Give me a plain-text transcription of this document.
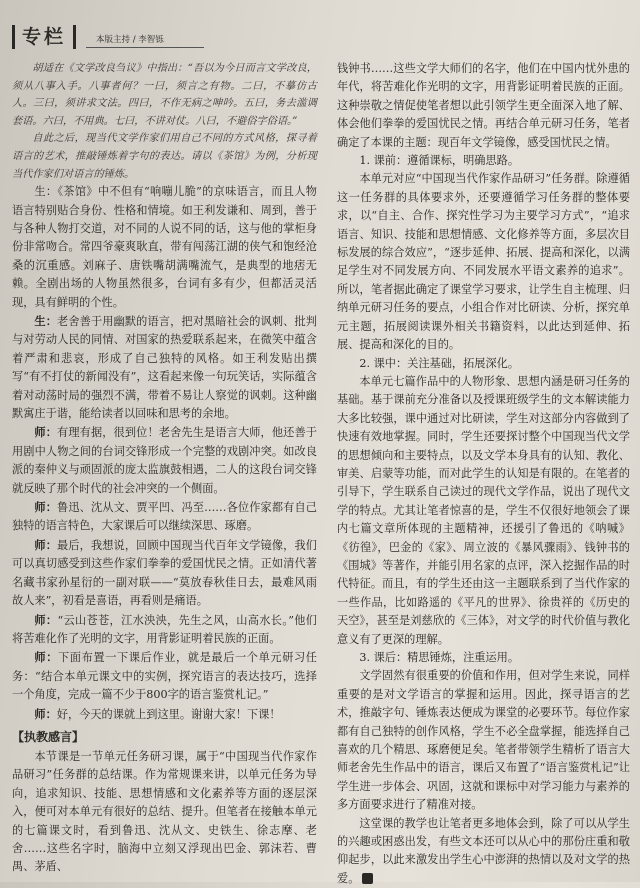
专栏	本版主持 / 李智铄

胡适在《文学改良刍议》中指出：“吾以为今日而言文学改良，须从八事入手。八事者何？一曰，须言之有物。二曰，不摹仿古人。三曰，须讲求文法。四曰，不作无病之呻吟。五曰，务去滥调套语。六曰，不用典。七曰，不讲对仗。八曰，不避俗字俗语。”

自此之后，现当代文学作家们用自己不同的方式风格，探寻着语言的艺术，推敲锤炼着字句的表达。请以《茶馆》为例，分析现当代作家们对语言的锤炼。

生：《茶馆》中不但有“响嘣儿脆”的京味语言，而且人物语言特别贴合身份、性格和情境。如王利发谦和、周到，善于与各种人物打交道，对不同的人说不同的话，这与他的掌柜身份非常吻合。常四爷豪爽耿直，带有闯荡江湖的侠气和饱经沧桑的沉重感。刘麻子、唐铁嘴胡满嘴流气，是典型的地痞无赖。全剧出场的人物虽然很多，台词有多有少，但都活灵活现，具有鲜明的个性。

生：老舍善于用幽默的语言，把对黑暗社会的讽刺、批判与对劳动人民的同情、对国家的热爱联系起来，在微笑中蕴含着严肃和悲哀，形成了自己独特的风格。如王利发贴出撰写“有不打仗的新闻没有”，这看起来像一句玩笑话，实际蕴含着对动荡时局的强烈不满，带着不易让人察觉的讽刺。这种幽默寓庄于谐，能给读者以回味和思考的余地。

师：有理有据，很到位！老舍先生是语言大师，他还善于用剧中人物之间的台词交锋形成一个完整的戏剧冲突。如改良派的秦仲义与顽固派的庞太监旗鼓相遇，二人的这段台词交锋就反映了那个时代的社会冲突的一个侧面。

师：鲁迅、沈从文、贾平凹、冯至……各位作家都有自己独特的语言特色，大家课后可以继续深思、琢磨。

师：最后，我想说，回顾中国现当代百年文学镜像，我们可以真切感受到这些作家们拳拳的爱国忧民之情。正如清代著名藏书家孙星衍的一副对联——“莫放春秋佳日去，最难风雨故人来”，初看是喜语，再看则是痛语。

师：“云山苍苍，江水泱泱，先生之风，山高水长。”他们将苦难化作了光明的文字，用背影证明着民族的正面。

师：下面布置一下课后作业，就是最后一个单元研习任务：“结合本单元课文中的实例，探究语言的表达技巧，选择一个角度，完成一篇不少于800字的语言鉴赏札记。”

师：好，今天的课就上到这里。谢谢大家！下课！

【执教感言】

本节课是一节单元任务研习课，属于“中国现当代作家作品研习”任务群的总结课。作为常规课来讲，以单元任务为导向，追求知识、技能、思想情感和文化素养等方面的逐层深入，便可对本单元有很好的总结、提升。但笔者在接触本单元的七篇课文时，看到鲁迅、沈从文、史铁生、徐志摩、老舍……这些名字时，脑海中立刻又浮现出巴金、郭沫若、曹禺、茅盾、

钱钟书……这些文学大师们的名字，他们在中国内忧外患的年代，将苦难化作光明的文字，用背影证明着民族的正面。这种崇敬之情促使笔者想以此引领学生更全面深入地了解、体会他们拳拳的爱国忧民之情。再结合单元研习任务，笔者确定了本课的主题：现百年文学镜像，感受国忧民之情。

1. 课前：遵循课标，明确思路。

本单元对应“中国现当代作家作品研习”任务群。除遵循这一任务群的具体要求外，还要遵循学习任务群的整体要求，以“自主、合作、探究性学习为主要学习方式”，“追求语言、知识、技能和思想情感、文化修养等方面，多层次目标发展的综合效应”，“逐步延伸、拓展、提高和深化，以满足学生对不同发展方向、不同发展水平语文素养的追求”。所以，笔者据此确定了课堂学习要求，让学生自主梳理、归纳单元研习任务的要点，小组合作对比研读、分析，探究单元主题，拓展阅读课外相关书籍资料，以此达到延伸、拓展、提高和深化的目的。

2. 课中：关注基础，拓展深化。

本单元七篇作品中的人物形象、思想内涵是研习任务的基础。基于课前充分准备以及授课班级学生的文本解读能力大多比较强，课中通过对比研读，学生对这部分内容做到了快速有效地掌握。同时，学生还要探讨整个中国现当代文学的思想倾向和主要特点，以及文学本身具有的认知、教化、审美、启蒙等功能，而对此学生的认知是有限的。在笔者的引导下，学生联系自己读过的现代文学作品，说出了现代文学的特点。尤其让笔者惊喜的是，学生不仅很好地领会了课内七篇文章所体现的主题精神，还援引了鲁迅的《呐喊》《彷徨》，巴金的《家》、周立波的《暴风骤雨》、钱钟书的《围城》等著作，并能引用名家的点评，深入挖掘作品的时代特征。而且，有的学生还由这一主题联系到了当代作家的一些作品，比如路遥的《平凡的世界》、徐贵祥的《历史的天空》，甚至是刘慈欣的《三体》，对文学的时代价值与教化意义有了更深的理解。

3. 课后：精思锤炼，注重运用。

文学固然有很重要的价值和作用，但对学生来说，同样重要的是对文学语言的掌握和运用。因此，探寻语言的艺术，推敲字句、锤炼表达便成为课堂的必要环节。每位作家都有自己独特的创作风格，学生不必全盘掌握，能选择自己喜欢的几个精思、琢磨便足矣。笔者带领学生精析了语言大师老舍先生作品中的语言，课后又布置了“语言鉴赏札记”让学生进一步体会、巩固，这就和课标中对学习能力与素养的多方面要求进行了精准对接。

这堂课的教学也让笔者更多地体会到，除了可以从学生的兴趣或困惑出发，有些文本还可以从心中的那份庄重和敬仰起步，以此来激发出学生心中澎湃的热情以及对文学的热爱。	E
